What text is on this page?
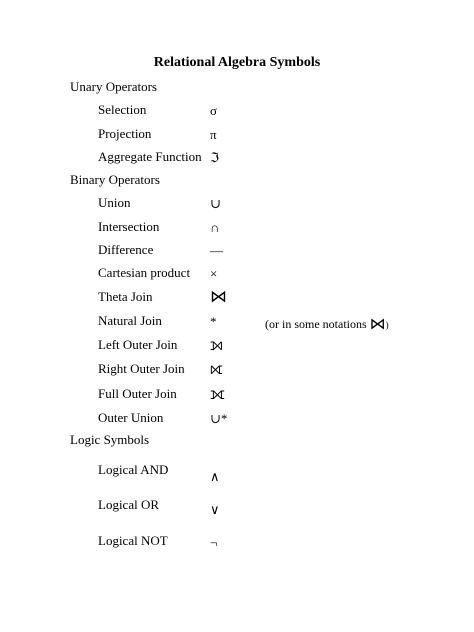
Relational Algebra Symbols
Unary Operators
Selection	σ
Projection	π
Aggregate Function ℑ
Binary Operators
Union	∪
Intersection	∩
Difference	—
Cartesian product ×
Theta Join	⋈
Natural Join	*	(or in some notations ⋈)
Left Outer Join ⟕
Right Outer Join ⟖
Full Outer Join ⟗
Outer Union	∪*
Logic Symbols
Logical AND	∧
Logical OR	∨
Logical NOT	¬
